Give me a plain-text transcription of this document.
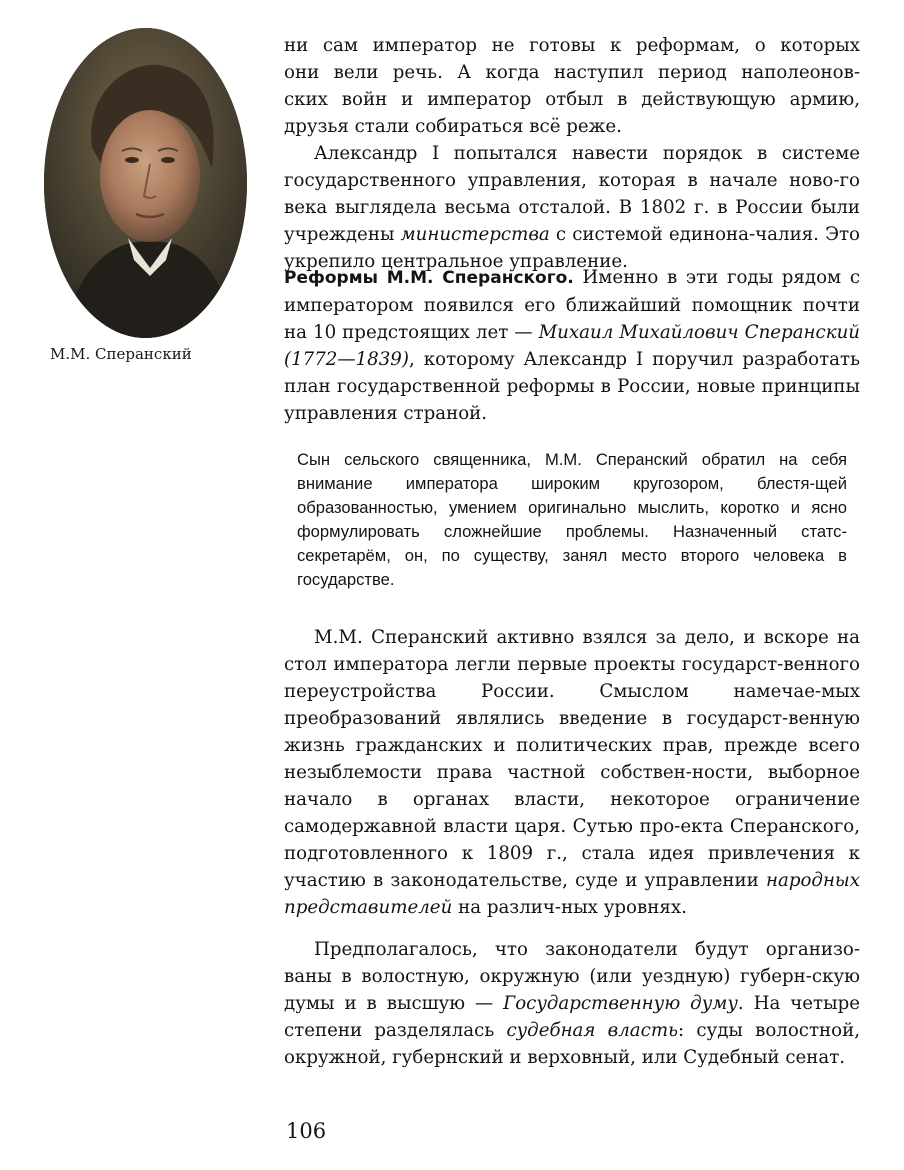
М.М. Сперанский

ни сам император не готовы к реформам, о которых

они вели речь. А когда наступил период наполеонов-

ских войн и император отбыл в действующую армию,

друзья стали собираться всё реже.

Александр I попытался навести порядок в системе государственного управления, которая в начале ново-го века выглядела весьма отсталой. В 1802 г. в России были учреждены министерства с системой единона-чалия. Это укрепило центральное управление.

Реформы М.М. Сперанского. Именно в эти годы рядом с императором появился его ближайший помощник почти на 10 предстоящих лет — Михаил Михайлович Сперанский (1772—1839), которому Александр I поручил разработать план государственной реформы в России, новые принципы управления страной.

Сын сельского священника, М.М. Сперанский обратил на себя внимание императора широким кругозором, блестя-щей образованностью, умением оригинально мыслить, коротко и ясно формулировать сложнейшие проблемы. Назначенный статс-секретарём, он, по существу, занял место второго человека в государстве.

М.М. Сперанский активно взялся за дело, и вскоре на стол императора легли первые проекты государст-венного переустройства России. Смыслом намечае-мых преобразований являлись введение в государст-венную жизнь гражданских и политических прав, прежде всего незыблемости права частной собствен-ности, выборное начало в органах власти, некоторое ограничение самодержавной власти царя. Сутью про-екта Сперанского, подготовленного к 1809 г., стала идея привлечения к участию в законодательстве, суде и управлении народных представителей на различ-ных уровнях.

Предполагалось, что законодатели будут организо-ваны в волостную, окружную (или уездную) губерн-скую думы и в высшую — Государственную думу. На четыре степени разделялась судебная власть: суды волостной, окружной, губернский и верховный, или Судебный сенат.

106
